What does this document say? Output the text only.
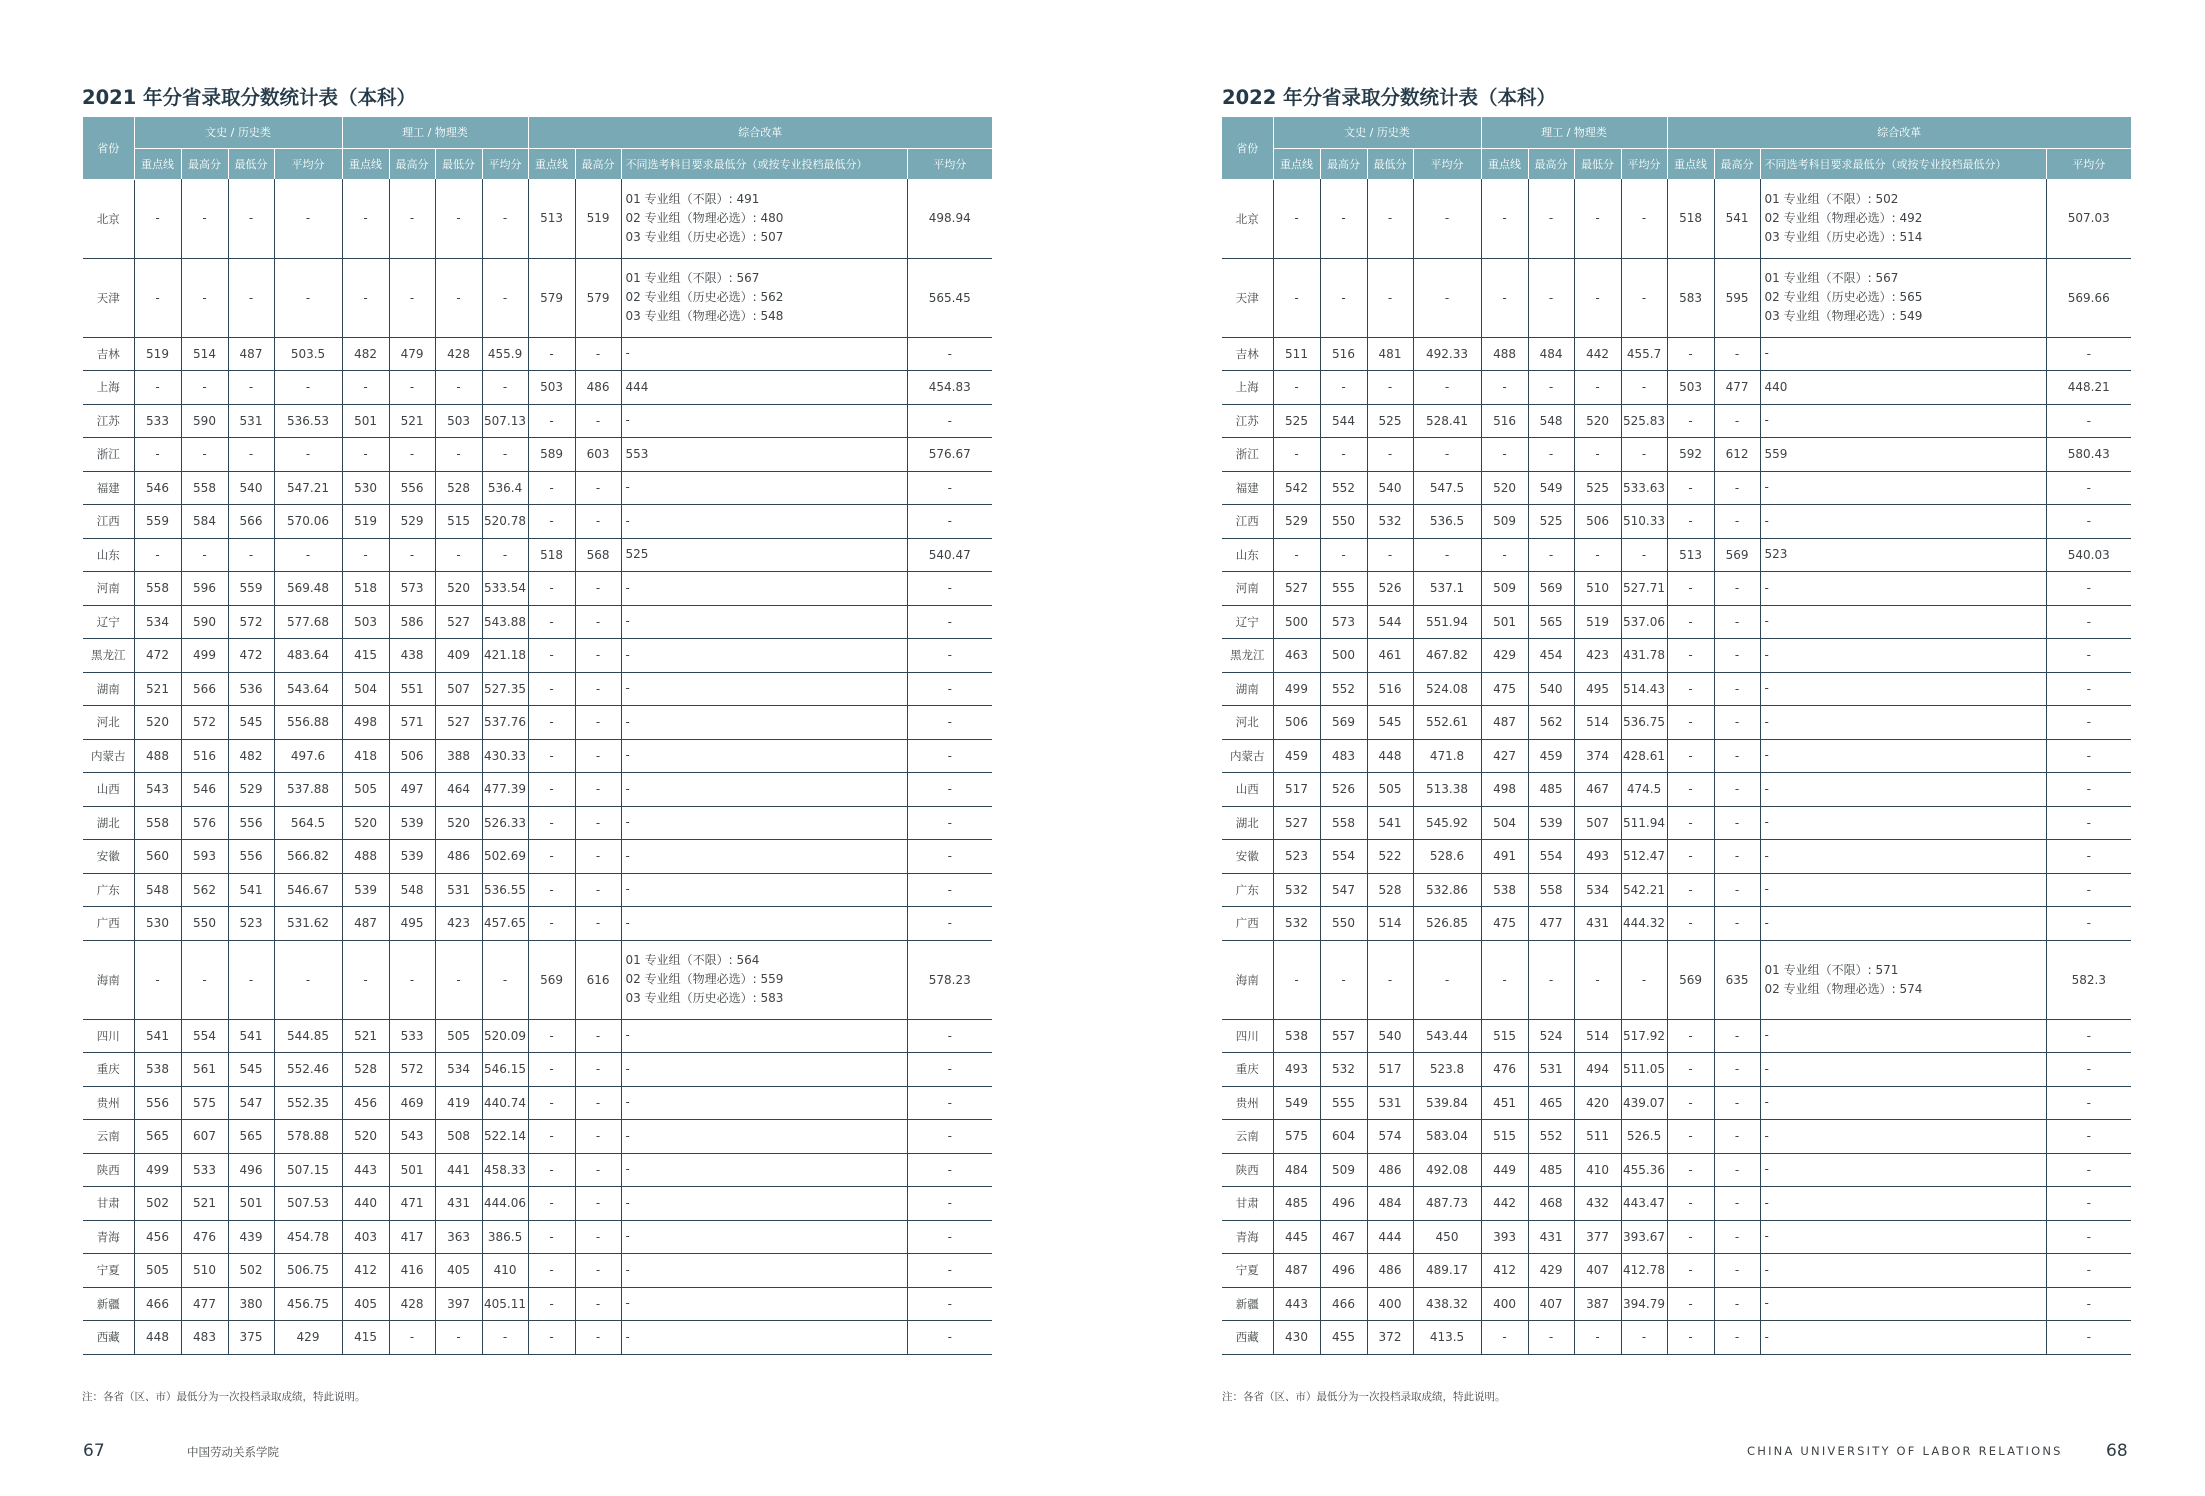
2021 年分省录取分数统计表（本科）
省份	文史 / 历史类				理工 / 物理类				综合改革			
	重点线	最高分	最低分	平均分	重点线	最高分	最低分	平均分	重点线	最高分	不同选考科目要求最低分（或按专业投档最低分）	平均分
北京	-	-	-	-	-	-	-	-	513	519	01 专业组（不限）: 491
02 专业组（物理必选）: 480
03 专业组（历史必选）: 507	498.94
天津	-	-	-	-	-	-	-	-	579	579	01 专业组（不限）: 567
02 专业组（历史必选）: 562
03 专业组（物理必选）: 548	565.45
吉林	519	514	487	503.5	482	479	428	455.9	-	-	-	-
上海	-	-	-	-	-	-	-	-	503	486	444	454.83
江苏	533	590	531	536.53	501	521	503	507.13	-	-	-	-
浙江	-	-	-	-	-	-	-	-	589	603	553	576.67
福建	546	558	540	547.21	530	556	528	536.4	-	-	-	-
江西	559	584	566	570.06	519	529	515	520.78	-	-	-	-
山东	-	-	-	-	-	-	-	-	518	568	525	540.47
河南	558	596	559	569.48	518	573	520	533.54	-	-	-	-
辽宁	534	590	572	577.68	503	586	527	543.88	-	-	-	-
黑龙江	472	499	472	483.64	415	438	409	421.18	-	-	-	-
湖南	521	566	536	543.64	504	551	507	527.35	-	-	-	-
河北	520	572	545	556.88	498	571	527	537.76	-	-	-	-
内蒙古	488	516	482	497.6	418	506	388	430.33	-	-	-	-
山西	543	546	529	537.88	505	497	464	477.39	-	-	-	-
湖北	558	576	556	564.5	520	539	520	526.33	-	-	-	-
安徽	560	593	556	566.82	488	539	486	502.69	-	-	-	-
广东	548	562	541	546.67	539	548	531	536.55	-	-	-	-
广西	530	550	523	531.62	487	495	423	457.65	-	-	-	-
海南	-	-	-	-	-	-	-	-	569	616	01 专业组（不限）: 564
02 专业组（物理必选）: 559
03 专业组（历史必选）: 583	578.23
四川	541	554	541	544.85	521	533	505	520.09	-	-	-	-
重庆	538	561	545	552.46	528	572	534	546.15	-	-	-	-
贵州	556	575	547	552.35	456	469	419	440.74	-	-	-	-
云南	565	607	565	578.88	520	543	508	522.14	-	-	-	-
陕西	499	533	496	507.15	443	501	441	458.33	-	-	-	-
甘肃	502	521	501	507.53	440	471	431	444.06	-	-	-	-
青海	456	476	439	454.78	403	417	363	386.5	-	-	-	-
宁夏	505	510	502	506.75	412	416	405	410	-	-	-	-
新疆	466	477	380	456.75	405	428	397	405.11	-	-	-	-
西藏	448	483	375	429	415	-	-	-	-	-	-	-

注：各省（区、市）最低分为一次投档录取成绩，特此说明。

67	中国劳动关系学院
2022 年分省录取分数统计表（本科）
省份	文史 / 历史类				理工 / 物理类				综合改革			
	重点线	最高分	最低分	平均分	重点线	最高分	最低分	平均分	重点线	最高分	不同选考科目要求最低分（或按专业投档最低分）	平均分
北京	-	-	-	-	-	-	-	-	518	541	01 专业组（不限）: 502
02 专业组（物理必选）: 492
03 专业组（历史必选）: 514	507.03
天津	-	-	-	-	-	-	-	-	583	595	01 专业组（不限）: 567
02 专业组（历史必选）: 565
03 专业组（物理必选）: 549	569.66
吉林	511	516	481	492.33	488	484	442	455.7	-	-	-	-
上海	-	-	-	-	-	-	-	-	503	477	440	448.21
江苏	525	544	525	528.41	516	548	520	525.83	-	-	-	-
浙江	-	-	-	-	-	-	-	-	592	612	559	580.43
福建	542	552	540	547.5	520	549	525	533.63	-	-	-	-
江西	529	550	532	536.5	509	525	506	510.33	-	-	-	-
山东	-	-	-	-	-	-	-	-	513	569	523	540.03
河南	527	555	526	537.1	509	569	510	527.71	-	-	-	-
辽宁	500	573	544	551.94	501	565	519	537.06	-	-	-	-
黑龙江	463	500	461	467.82	429	454	423	431.78	-	-	-	-
湖南	499	552	516	524.08	475	540	495	514.43	-	-	-	-
河北	506	569	545	552.61	487	562	514	536.75	-	-	-	-
内蒙古	459	483	448	471.8	427	459	374	428.61	-	-	-	-
山西	517	526	505	513.38	498	485	467	474.5	-	-	-	-
湖北	527	558	541	545.92	504	539	507	511.94	-	-	-	-
安徽	523	554	522	528.6	491	554	493	512.47	-	-	-	-
广东	532	547	528	532.86	538	558	534	542.21	-	-	-	-
广西	532	550	514	526.85	475	477	431	444.32	-	-	-	-
海南	-	-	-	-	-	-	-	-	569	635	01 专业组（不限）: 571
02 专业组（物理必选）: 574	582.3
四川	538	557	540	543.44	515	524	514	517.92	-	-	-	-
重庆	493	532	517	523.8	476	531	494	511.05	-	-	-	-
贵州	549	555	531	539.84	451	465	420	439.07	-	-	-	-
云南	575	604	574	583.04	515	552	511	526.5	-	-	-	-
陕西	484	509	486	492.08	449	485	410	455.36	-	-	-	-
甘肃	485	496	484	487.73	442	468	432	443.47	-	-	-	-
青海	445	467	444	450	393	431	377	393.67	-	-	-	-
宁夏	487	496	486	489.17	412	429	407	412.78	-	-	-	-
新疆	443	466	400	438.32	400	407	387	394.79	-	-	-	-
西藏	430	455	372	413.5	-	-	-	-	-	-	-	-

注：各省（区、市）最低分为一次投档录取成绩，特此说明。

68
CHINA UNIVERSITY OF LABOR RELATIONS
